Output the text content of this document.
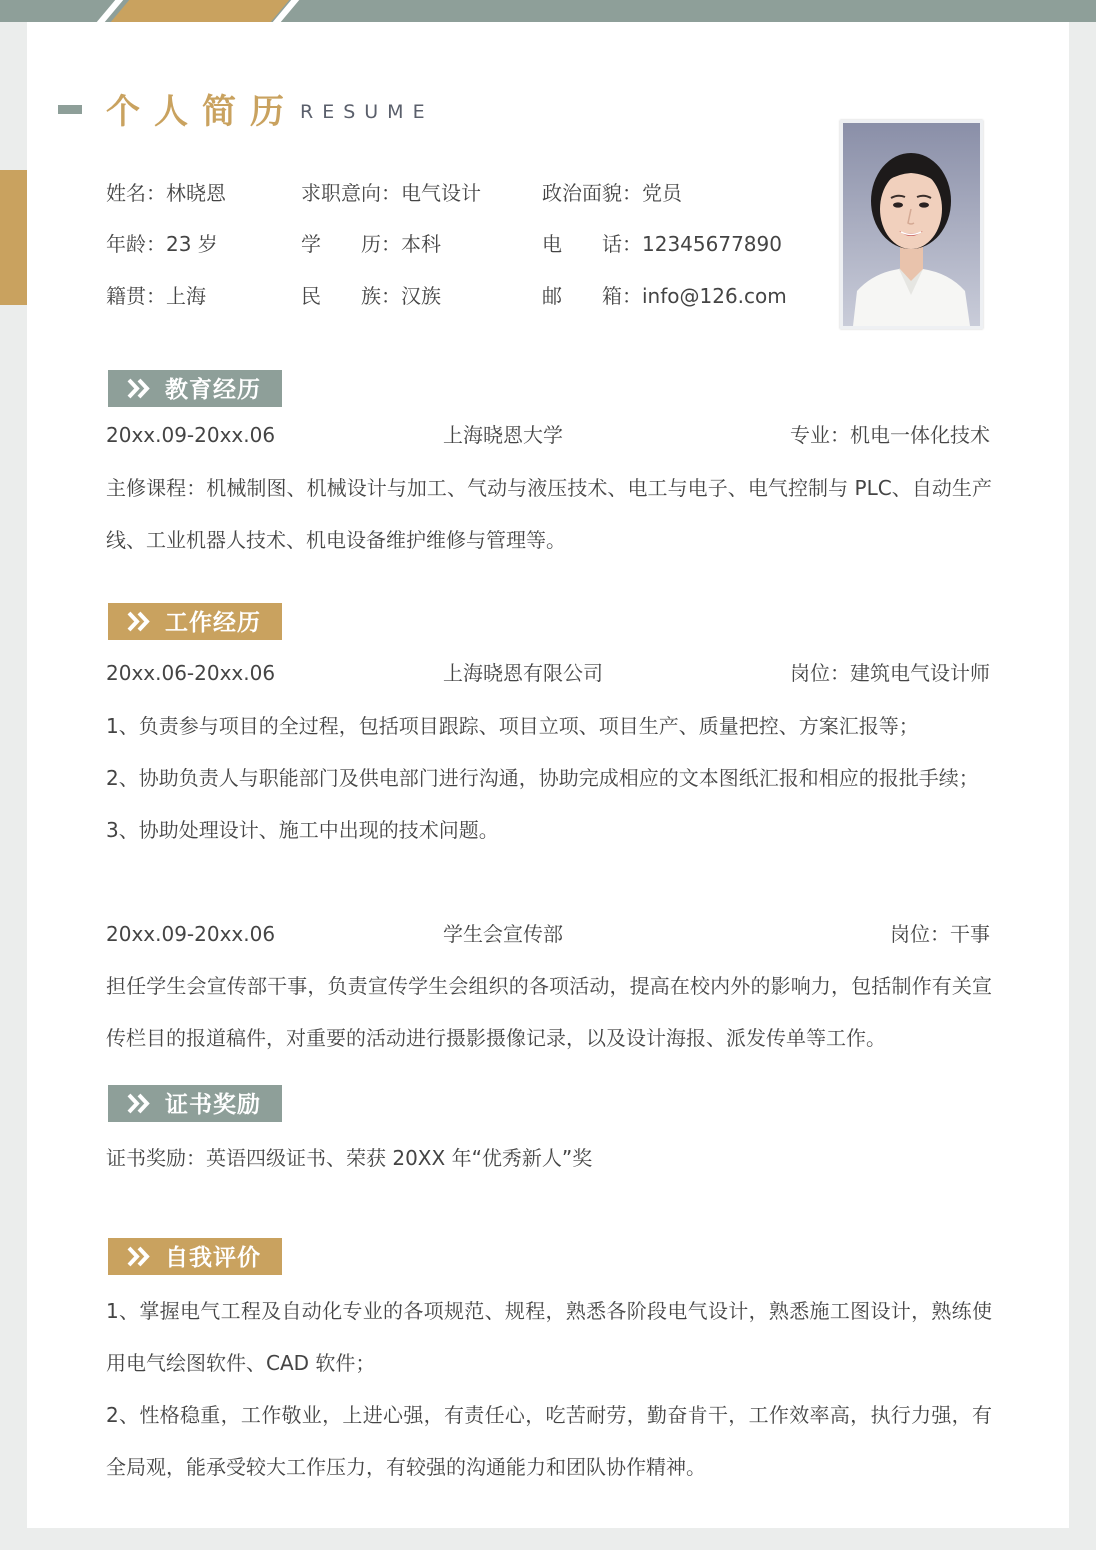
个人简历 RESUME
姓名：林晓恩	求职意向：电气设计	政治面貌：党员
年龄：23 岁	学 历：本科	电 话：12345677890
籍贯：上海	民 族：汉族	邮 箱：info@126.com
教育经历
20xx.09-20xx.06	上海晓恩大学	专业：机电一体化技术
主修课程：机械制图、机械设计与加工、气动与液压技术、电工与电子、电气控制与 PLC、自动生产线、工业机器人技术、机电设备维护维修与管理等。
工作经历
20xx.06-20xx.06	上海晓恩有限公司	岗位：建筑电气设计师
1、负责参与项目的全过程，包括项目跟踪、项目立项、项目生产、质量把控、方案汇报等；
2、协助负责人与职能部门及供电部门进行沟通，协助完成相应的文本图纸汇报和相应的报批手续；
3、协助处理设计、施工中出现的技术问题。
20xx.09-20xx.06	学生会宣传部	岗位：干事
担任学生会宣传部干事，负责宣传学生会组织的各项活动，提高在校内外的影响力，包括制作有关宣传栏目的报道稿件，对重要的活动进行摄影摄像记录，以及设计海报、派发传单等工作。
证书奖励
证书奖励：英语四级证书、荣获 20XX 年“优秀新人”奖
自我评价
1、掌握电气工程及自动化专业的各项规范、规程，熟悉各阶段电气设计，熟悉施工图设计，熟练使用电气绘图软件、CAD 软件；
2、性格稳重，工作敬业，上进心强，有责任心，吃苦耐劳，勤奋肯干，工作效率高，执行力强，有全局观，能承受较大工作压力，有较强的沟通能力和团队协作精神。
